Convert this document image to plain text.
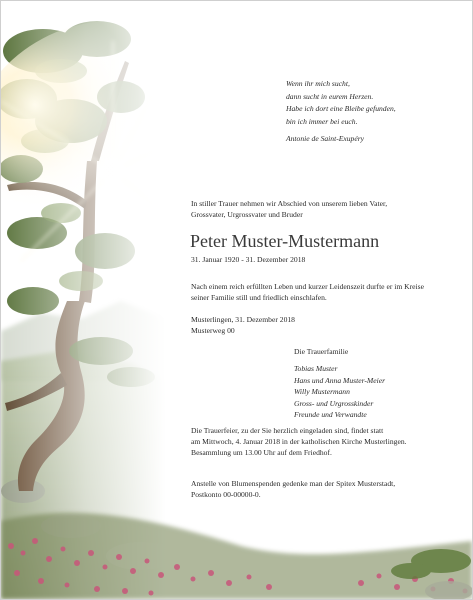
Wenn ihr mich sucht,

dann sucht in eurem Herzen.

Habe ich dort eine Bleibe gefunden,

bin ich immer bei euch.

Antonie de Saint-Exupéry

In stiller Trauer nehmen wir Abschied von unserem lieben Vater,

Grossvater, Urgrossvater und Bruder

Peter Muster-Mustermann
31. Januar 1920 - 31. Dezember 2018

Nach einem reich erfüllten Leben und kurzer Leidenszeit durfte er im Kreise

seiner Familie still und friedlich einschlafen.

Musterlingen, 31. Dezember 2018

Musterweg 00

Die Trauerfamilie

Tobias Muster

Hans und Anna Muster-Meier

Willy Mustermann

Gross- und Urgrosskinder

Freunde und Verwandte

Die Trauerfeier, zu der Sie herzlich eingeladen sind, findet statt

am Mittwoch, 4. Januar 2018 in der katholischen Kirche Musterlingen.

Besammlung um 13.00 Uhr auf dem Friedhof.

Anstelle von Blumenspenden gedenke man der Spitex Musterstadt,

Postkonto 00-00000-0.
